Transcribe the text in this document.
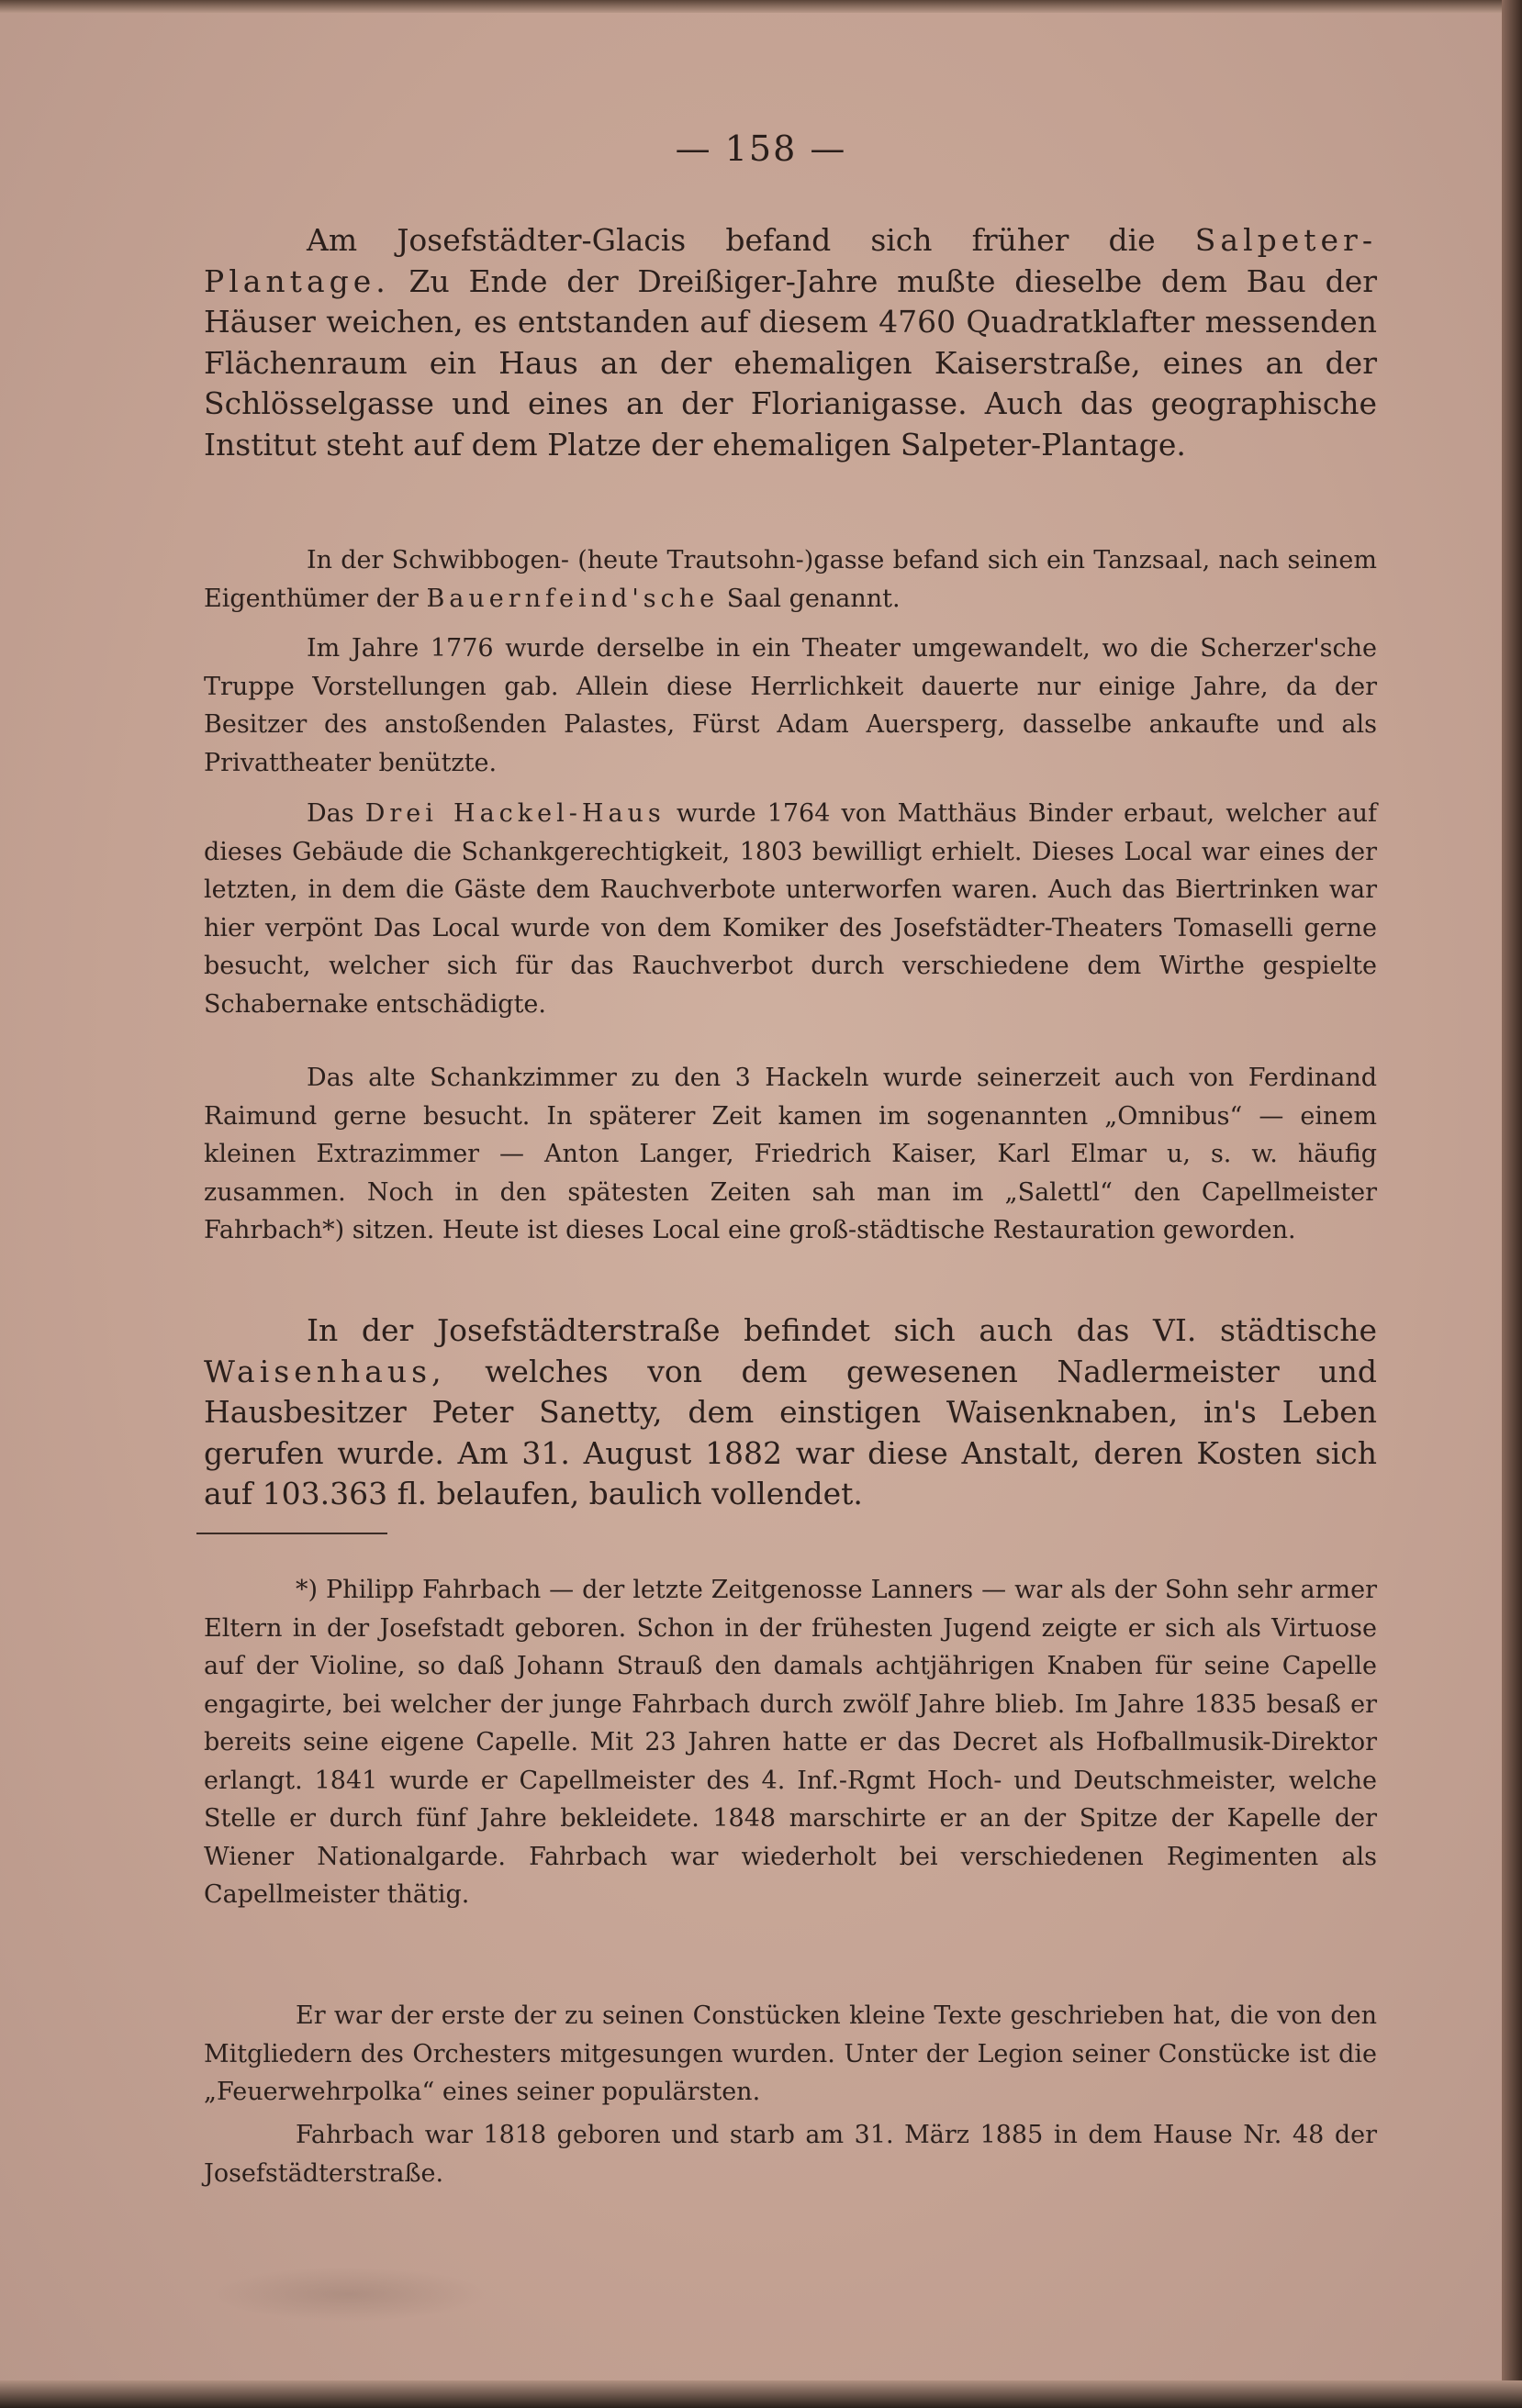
— 158 —

Am Josefstädter-Glacis befand sich früher die Salpeter-Plantage. Zu Ende der Dreißiger-Jahre mußte dieselbe dem Bau der Häuser weichen, es entstanden auf diesem 4760 Quadratklafter messenden Flächenraum ein Haus an der ehemaligen Kaiserstraße, eines an der Schlösselgasse und eines an der Florianigasse. Auch das geographische Institut steht auf dem Platze der ehemaligen Salpeter-Plantage.

In der Schwibbogen- (heute Trautsohn-)gasse befand sich ein Tanzsaal, nach seinem Eigenthümer der Bauernfeind'sche Saal genannt.

Im Jahre 1776 wurde derselbe in ein Theater umgewandelt, wo die Scherzer'sche Truppe Vorstellungen gab. Allein diese Herrlichkeit dauerte nur einige Jahre, da der Besitzer des anstoßenden Palastes, Fürst Adam Auersperg, dasselbe ankaufte und als Privattheater benützte.

Das Drei Hackel-Haus wurde 1764 von Matthäus Binder erbaut, welcher auf dieses Gebäude die Schankgerechtigkeit, 1803 bewilligt erhielt. Dieses Local war eines der letzten, in dem die Gäste dem Rauchverbote unterworfen waren. Auch das Biertrinken war hier verpönt Das Local wurde von dem Komiker des Josefstädter-Theaters Tomaselli gerne besucht, welcher sich für das Rauchverbot durch verschiedene dem Wirthe gespielte Schabernake entschädigte.

Das alte Schankzimmer zu den 3 Hackeln wurde seinerzeit auch von Ferdinand Raimund gerne besucht. In späterer Zeit kamen im sogenannten „Omnibus“ — einem kleinen Extrazimmer — Anton Langer, Friedrich Kaiser, Karl Elmar u, s. w. häufig zusammen. Noch in den spätesten Zeiten sah man im „Salettl“ den Capellmeister Fahrbach*) sitzen. Heute ist dieses Local eine groß-städtische Restauration geworden.

In der Josefstädterstraße befindet sich auch das VI. städtische Waisenhaus, welches von dem gewesenen Nadlermeister und Hausbesitzer Peter Sanetty, dem einstigen Waisenknaben, in's Leben gerufen wurde. Am 31. August 1882 war diese Anstalt, deren Kosten sich auf 103.363 fl. belaufen, baulich vollendet.

*) Philipp Fahrbach — der letzte Zeitgenosse Lanners — war als der Sohn sehr armer Eltern in der Josefstadt geboren. Schon in der frühesten Jugend zeigte er sich als Virtuose auf der Violine, so daß Johann Strauß den damals achtjährigen Knaben für seine Capelle engagirte, bei welcher der junge Fahrbach durch zwölf Jahre blieb. Im Jahre 1835 besaß er bereits seine eigene Capelle. Mit 23 Jahren hatte er das Decret als Hofballmusik-Direktor erlangt. 1841 wurde er Capellmeister des 4. Inf.-Rgmt Hoch- und Deutschmeister, welche Stelle er durch fünf Jahre bekleidete. 1848 marschirte er an der Spitze der Kapelle der Wiener Nationalgarde. Fahrbach war wiederholt bei verschiedenen Regimenten als Capellmeister thätig.

Er war der erste der zu seinen Constücken kleine Texte geschrieben hat, die von den Mitgliedern des Orchesters mitgesungen wurden. Unter der Legion seiner Constücke ist die „Feuerwehrpolka“ eines seiner populärsten.

Fahrbach war 1818 geboren und starb am 31. März 1885 in dem Hause Nr. 48 der Josefstädterstraße.
